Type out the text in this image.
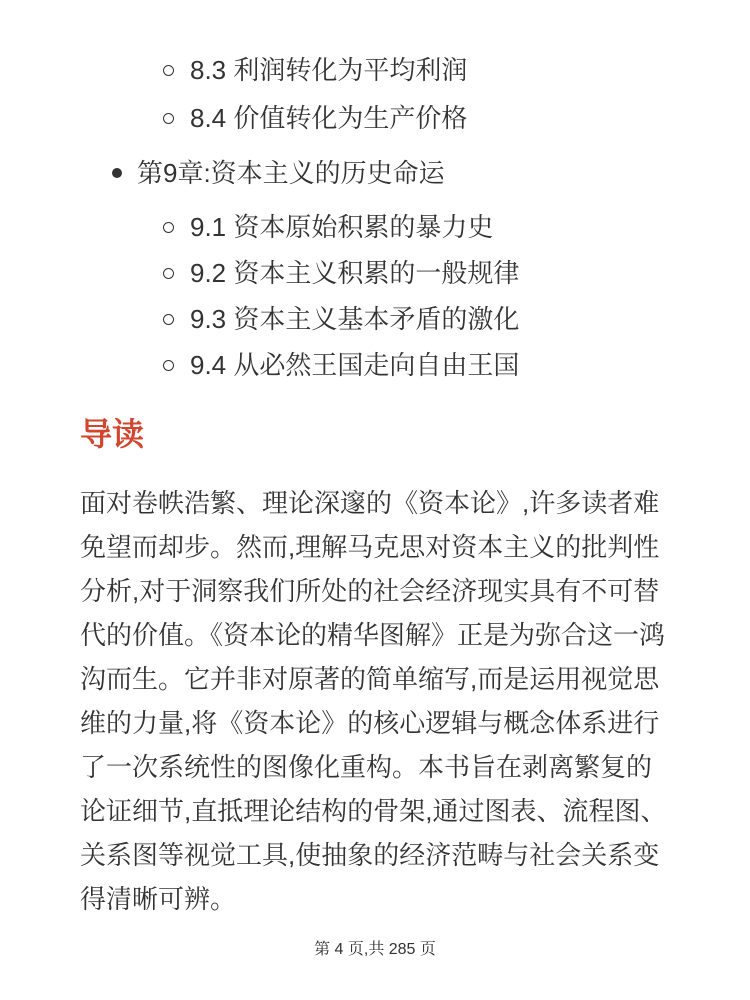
8.3 利润转化为平均利润
8.4 价值转化为生产价格
第9章:资本主义的历史命运
9.1 资本原始积累的暴力史
9.2 资本主义积累的一般规律
9.3 资本主义基本矛盾的激化
9.4 从必然王国走向自由王国
导读

面对卷帙浩繁、理论深邃的《资本论》,许多读者难免望而却步。然而,理解马克思对资本主义的批判性分析,对于洞察我们所处的社会经济现实具有不可替代的价值。《资本论的精华图解》正是为弥合这一鸿沟而生。它并非对原著的简单缩写,而是运用视觉思维的力量,将《资本论》的核心逻辑与概念体系进行了一次系统性的图像化重构。本书旨在剥离繁复的论证细节,直抵理论结构的骨架,通过图表、流程图、关系图等视觉工具,使抽象的经济范畴与社会关系变得清晰可辨。

第 4 页,共 285 页
